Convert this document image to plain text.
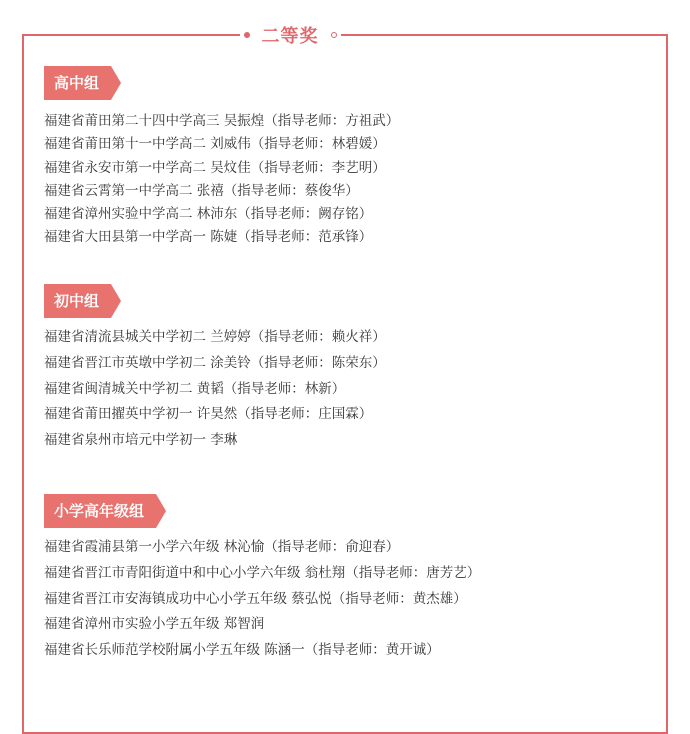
二等奖
高中组
福建省莆田第二十四中学高三 吴振煌（指导老师：方祖武）
福建省莆田第十一中学高二 刘威伟（指导老师：林碧媛）
福建省永安市第一中学高二 吴炆佳（指导老师：李艺明）
福建省云霄第一中学高二 张禧（指导老师：蔡俊华）
福建省漳州实验中学高二 林沛东（指导老师：阙存铭）
福建省大田县第一中学高一 陈婕（指导老师：范承锋）
初中组
福建省清流县城关中学初二 兰婷婷（指导老师：赖火祥）
福建省晋江市英墩中学初二 涂美铃（指导老师：陈荣东）
福建省闽清城关中学初二 黄韬（指导老师：林新）
福建省莆田擢英中学初一 许昊然（指导老师：庄国霖）
福建省泉州市培元中学初一 李琳
小学高年级组
福建省霞浦县第一小学六年级 林沁愉（指导老师：俞迎春）
福建省晋江市青阳街道中和中心小学六年级 翁杜翔（指导老师：唐芳艺）
福建省晋江市安海镇成功中心小学五年级 蔡弘悦（指导老师：黄杰雄）
福建省漳州市实验小学五年级 郑智润
福建省长乐师范学校附属小学五年级 陈涵一（指导老师：黄开诚）
